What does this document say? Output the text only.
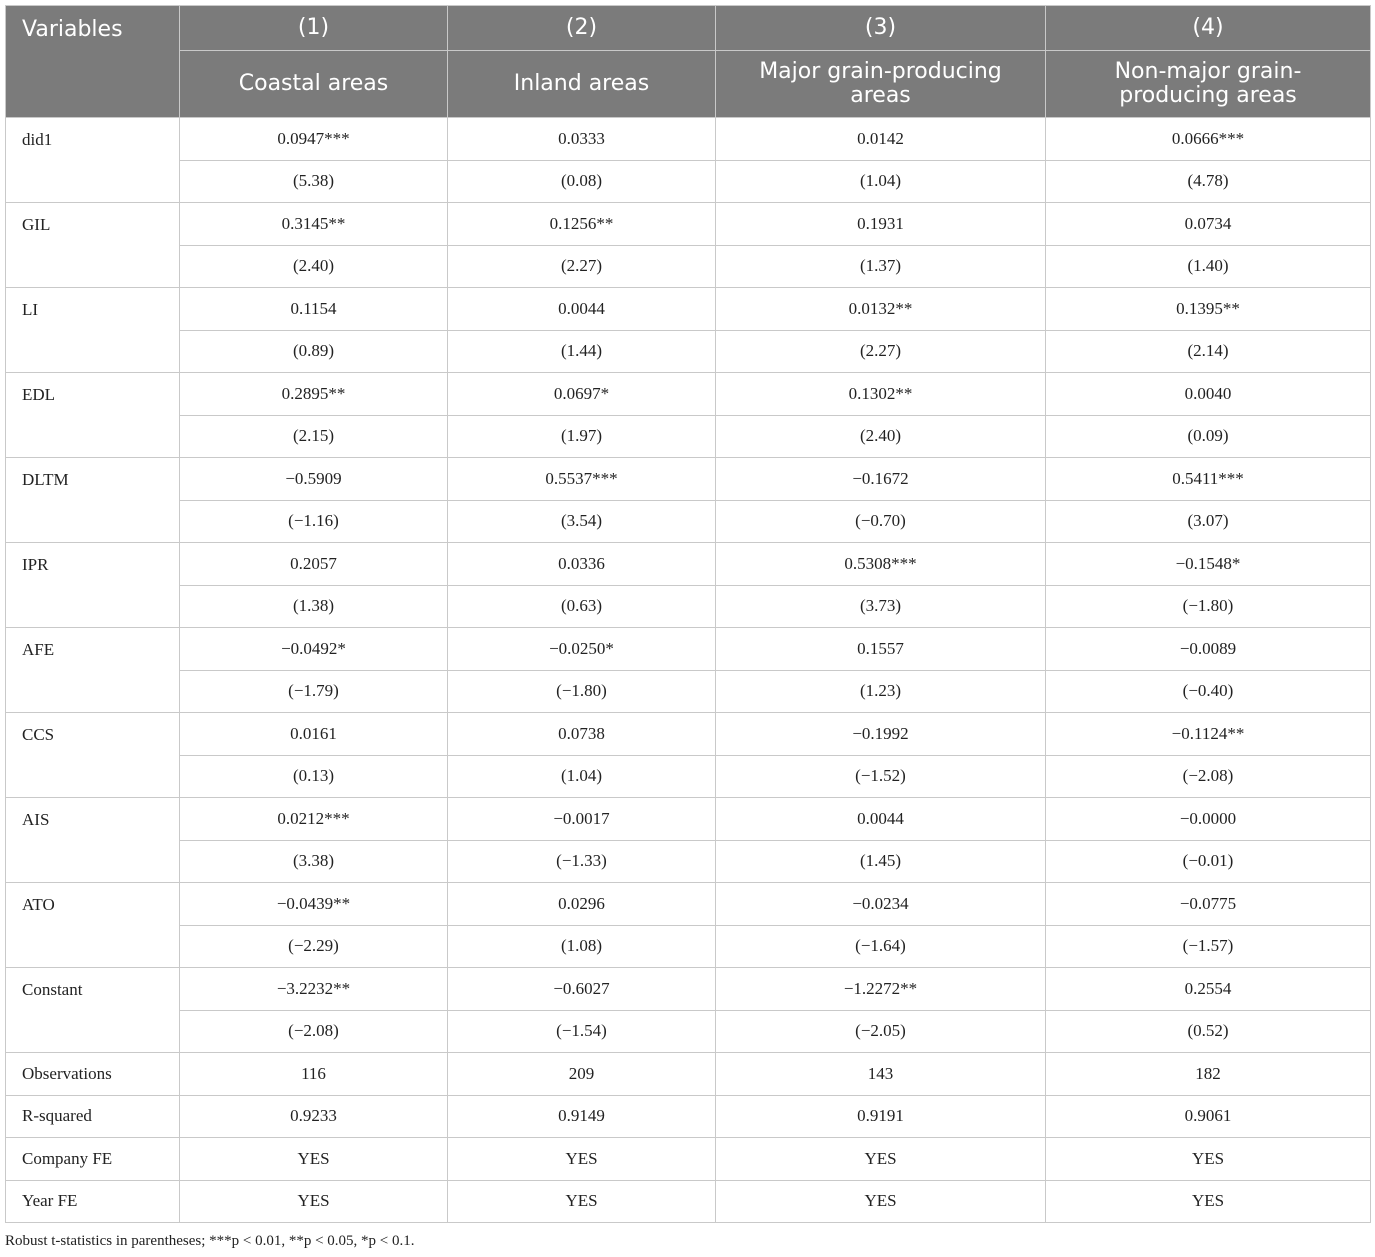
Variables	(1)	(2)	(3)	(4)
	Coastal areas	Inland areas	Major grain-producing areas	Non-major grain-producing areas
did1	0.0947***	0.0333	0.0142	0.0666***
	(5.38)	(0.08)	(1.04)	(4.78)
GIL	0.3145**	0.1256**	0.1931	0.0734
	(2.40)	(2.27)	(1.37)	(1.40)
LI	0.1154	0.0044	0.0132**	0.1395**
	(0.89)	(1.44)	(2.27)	(2.14)
EDL	0.2895**	0.0697*	0.1302**	0.0040
	(2.15)	(1.97)	(2.40)	(0.09)
DLTM	−0.5909	0.5537***	−0.1672	0.5411***
	(−1.16)	(3.54)	(−0.70)	(3.07)
IPR	0.2057	0.0336	0.5308***	−0.1548*
	(1.38)	(0.63)	(3.73)	(−1.80)
AFE	−0.0492*	−0.0250*	0.1557	−0.0089
	(−1.79)	(−1.80)	(1.23)	(−0.40)
CCS	0.0161	0.0738	−0.1992	−0.1124**
	(0.13)	(1.04)	(−1.52)	(−2.08)
AIS	0.0212***	−0.0017	0.0044	−0.0000
	(3.38)	(−1.33)	(1.45)	(−0.01)
ATO	−0.0439**	0.0296	−0.0234	−0.0775
	(−2.29)	(1.08)	(−1.64)	(−1.57)
Constant	−3.2232**	−0.6027	−1.2272**	0.2554
	(−2.08)	(−1.54)	(−2.05)	(0.52)
Observations	116	209	143	182
R-squared	0.9233	0.9149	0.9191	0.9061
Company FE	YES	YES	YES	YES
Year FE	YES	YES	YES	YES
Robust t-statistics in parentheses; ***p < 0.01, **p < 0.05, *p < 0.1.
